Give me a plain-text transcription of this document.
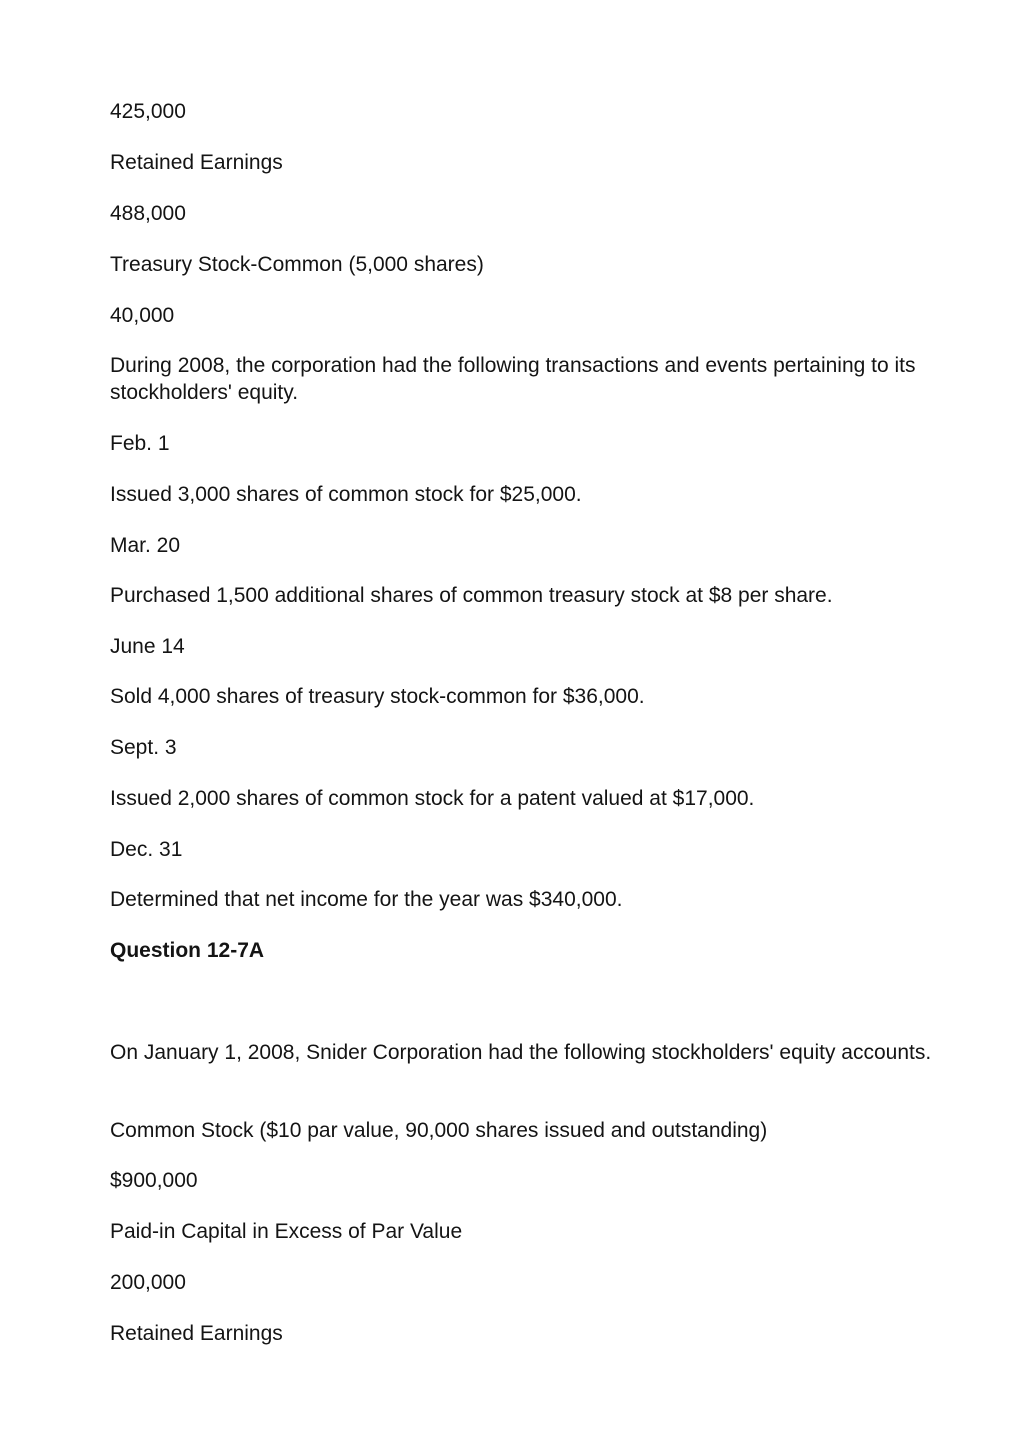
425,000

Retained Earnings

488,000

Treasury Stock-Common (5,000 shares)

40,000

During 2008, the corporation had the following transactions and events pertaining to its stockholders' equity.

Feb. 1

Issued 3,000 shares of common stock for $25,000.

Mar. 20

Purchased 1,500 additional shares of common treasury stock at $8 per share.

June 14

Sold 4,000 shares of treasury stock-common for $36,000.

Sept. 3

Issued 2,000 shares of common stock for a patent valued at $17,000.

Dec. 31

Determined that net income for the year was $340,000.

Question 12-7A

On January 1, 2008, Snider Corporation had the following stockholders' equity accounts.

Common Stock ($10 par value, 90,000 shares issued and outstanding)

$900,000

Paid-in Capital in Excess of Par Value

200,000

Retained Earnings
